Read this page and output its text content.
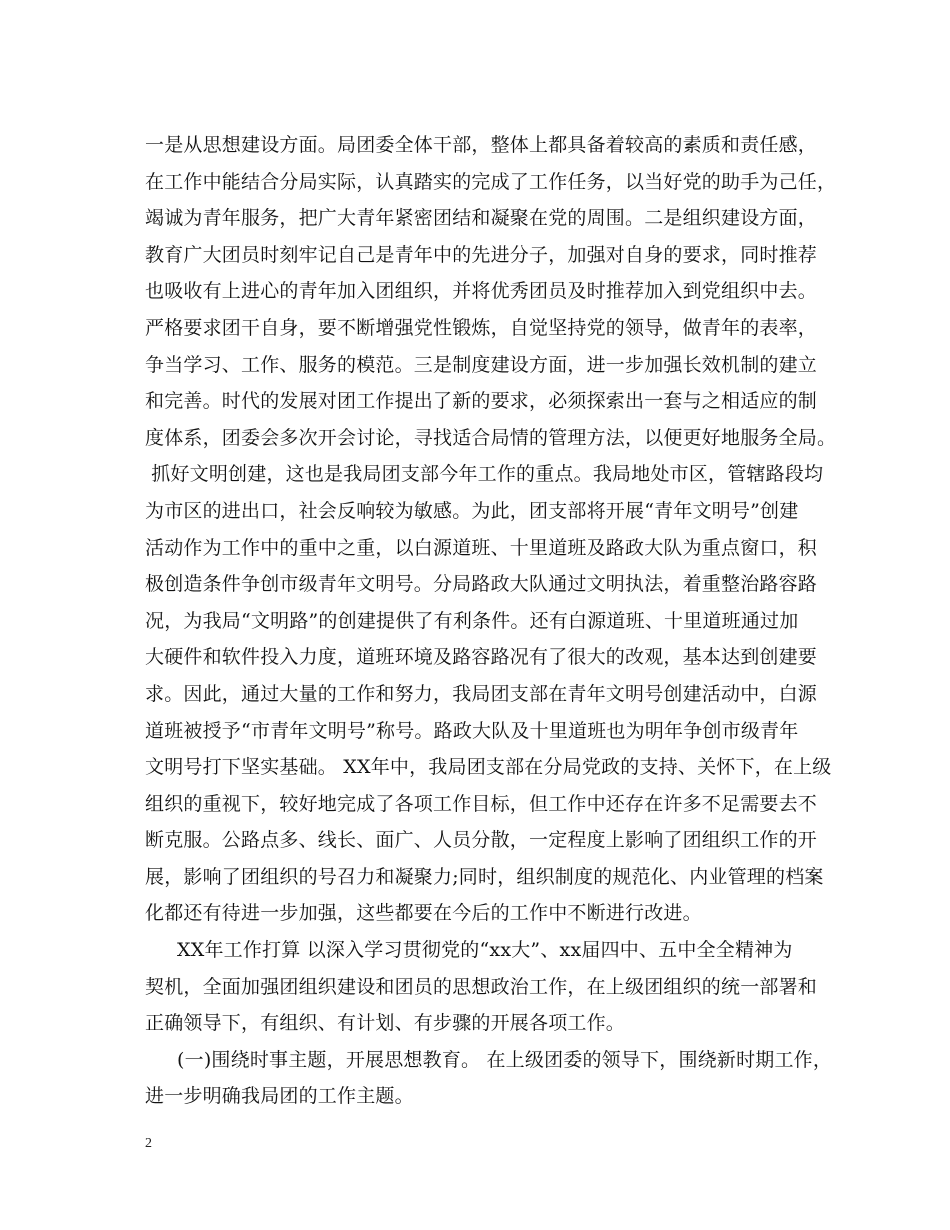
一是从思想建设方面。局团委全体干部，整体上都具备着较高的素质和责任感，
在工作中能结合分局实际，认真踏实的完成了工作任务，以当好党的助手为己任，
竭诚为青年服务，把广大青年紧密团结和凝聚在党的周围。二是组织建设方面，
教育广大团员时刻牢记自己是青年中的先进分子，加强对自身的要求，同时推荐
也吸收有上进心的青年加入团组织，并将优秀团员及时推荐加入到党组织中去。
严格要求团干自身，要不断增强党性锻炼，自觉坚持党的领导，做青年的表率，
争当学习、工作、服务的模范。三是制度建设方面，进一步加强长效机制的建立
和完善。时代的发展对团工作提出了新的要求，必须探索出一套与之相适应的制
度体系，团委会多次开会讨论，寻找适合局情的管理方法，以便更好地服务全局。
抓好文明创建，这也是我局团支部今年工作的重点。我局地处市区，管辖路段均
为市区的进出口，社会反响较为敏感。为此，团支部将开展“青年文明号”创建
活动作为工作中的重中之重，以白源道班、十里道班及路政大队为重点窗口，积
极创造条件争创市级青年文明号。分局路政大队通过文明执法，着重整治路容路
况，为我局“文明路”的创建提供了有利条件。还有白源道班、十里道班通过加
大硬件和软件投入力度，道班环境及路容路况有了很大的改观，基本达到创建要
求。因此，通过大量的工作和努力，我局团支部在青年文明号创建活动中，白源
道班被授予“市青年文明号”称号。路政大队及十里道班也为明年争创市级青年
文明号打下坚实基础。 XX年中，我局团支部在分局党政的支持、关怀下，在上级
组织的重视下，较好地完成了各项工作目标，但工作中还存在许多不足需要去不
断克服。公路点多、线长、面广、人员分散，一定程度上影响了团组织工作的开
展，影响了团组织的号召力和凝聚力;同时，组织制度的规范化、内业管理的档案
化都还有待进一步加强，这些都要在今后的工作中不断进行改进。
XX年工作打算 以深入学习贯彻党的“xx大”、xx届四中、五中全全精神为
契机，全面加强团组织建设和团员的思想政治工作，在上级团组织的统一部署和
正确领导下，有组织、有计划、有步骤的开展各项工作。
(一)围绕时事主题，开展思想教育。 在上级团委的领导下，围绕新时期工作，
进一步明确我局团的工作主题。
2
